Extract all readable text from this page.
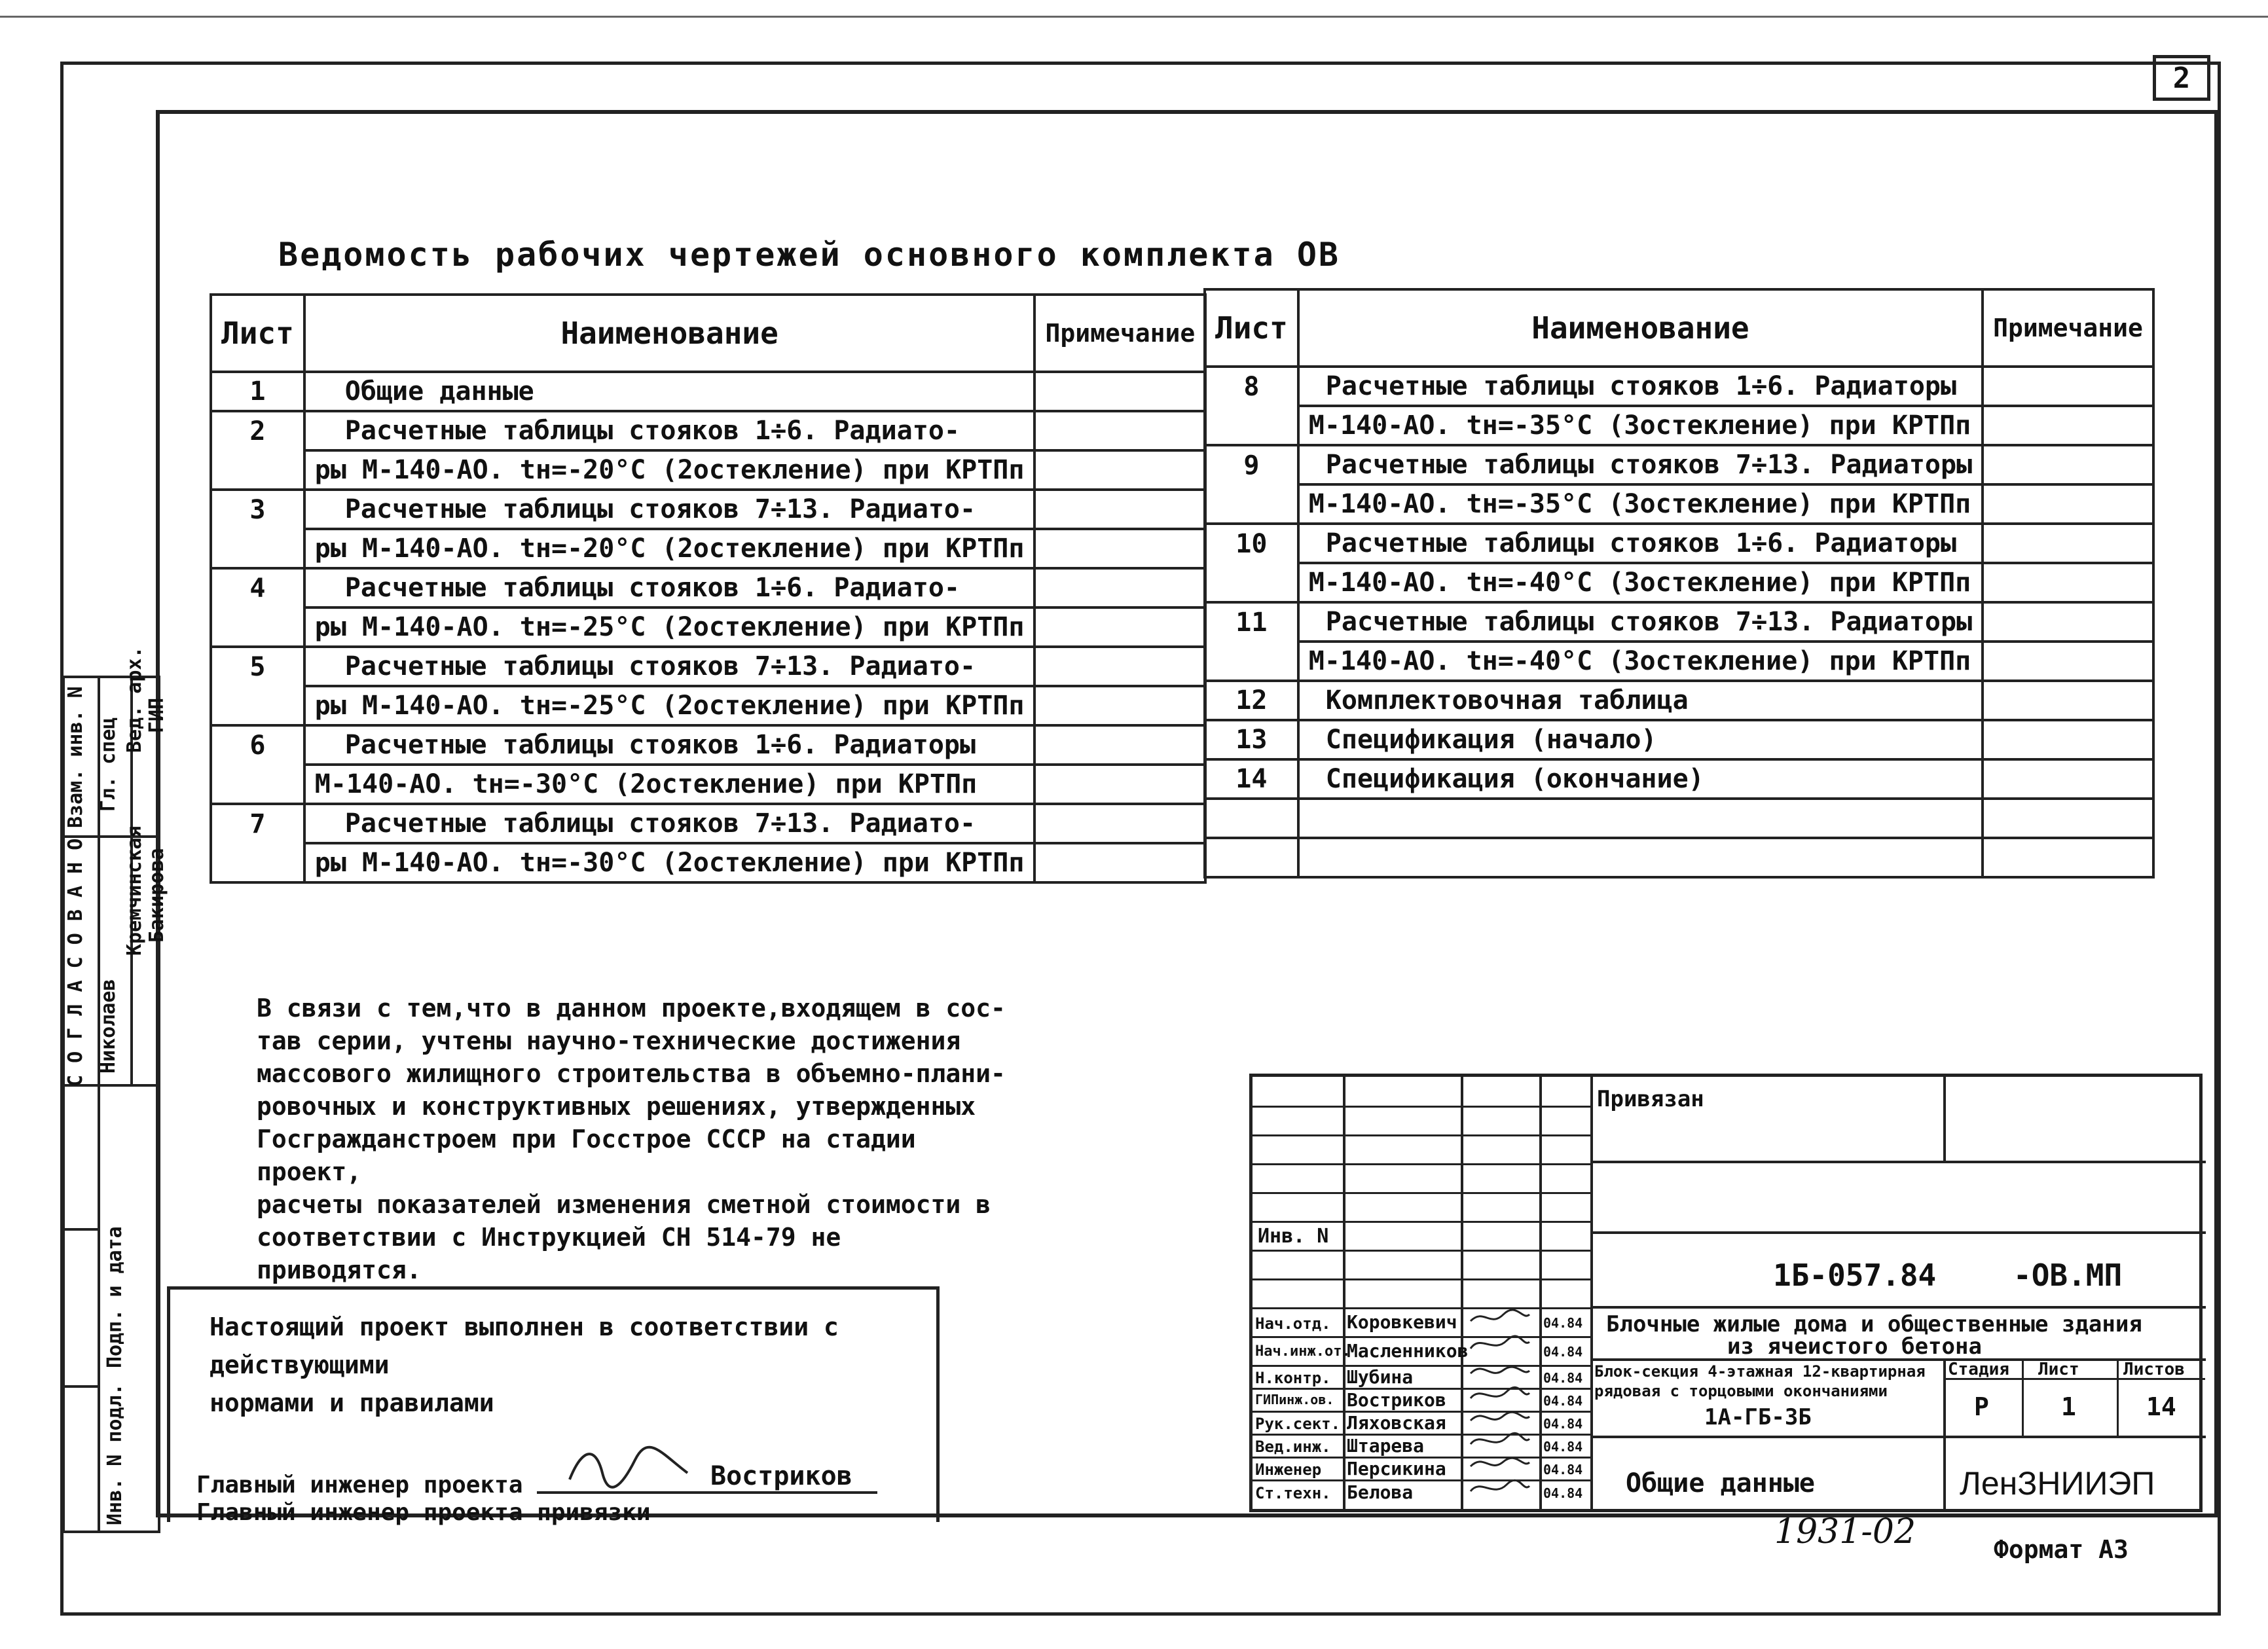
2
Ведомость рабочих чертежей основного комплекта ОВ
Лист	Наименование	Примечание
1	Общие данные	
2	Расчетные таблицы стояков 1÷6. Радиато-	
	ры М-140-АО. tн=-20°С (2остекление) при КРТПп	
3	Расчетные таблицы стояков 7÷13. Радиато-	
	ры М-140-АО. tн=-20°С (2остекление) при КРТПп	
4	Расчетные таблицы стояков 1÷6. Радиато-	
	ры М-140-АО. tн=-25°С (2остекление) при КРТПп	
5	Расчетные таблицы стояков 7÷13. Радиато-	
	ры М-140-АО. tн=-25°С (2остекление) при КРТПп	
6	Расчетные таблицы стояков 1÷6. Радиаторы	
	М-140-АО. tн=-30°С (2остекление) при КРТПп	
7	Расчетные таблицы стояков 7÷13. Радиато-	
	ры М-140-АО. tн=-30°С (2остекление) при КРТПп	
Лист	Наименование	Примечание
8	Расчетные таблицы стояков 1÷6. Радиаторы	
	М-140-АО. tн=-35°С (3остекление) при КРТПп	
9	Расчетные таблицы стояков 7÷13. Радиаторы	
	М-140-АО. tн=-35°С (3остекление) при КРТПп	
10	Расчетные таблицы стояков 1÷6. Радиаторы	
	М-140-АО. tн=-40°С (3остекление) при КРТПп	
11	Расчетные таблицы стояков 7÷13. Радиаторы	
	М-140-АО. tн=-40°С (3остекление) при КРТПп	
12	Комплектовочная таблица	
13	Спецификация (начало)	
14	Спецификация (окончание)	

В связи с тем,что в данном проекте,входящем в сос-
тав серии, учтены научно-технические достижения
массового жилищного строительства в объемно-плани-
ровочных и конструктивных решениях, утвержденных
Госгражданстроем при Госстрое СССР на стадии проект,
расчеты показателей изменения сметной стоимости в
соответствии с Инструкцией СН 514-79 не приводятся.
Настоящий проект выполнен в соответствии с действующими
нормами и правилами
Главный инженер проекта	Востриков
Главный инженер проекта привязки
С О Г Л А С О В А Н О
Взам. инв. N Гл. спец
Николаев
Вед. арх.
Кремчинская
ГИП
Бакирова
Подп. и дата
Инв. N подл.
Привязан
Инв. N
1Б-057.84	-ОВ.МП
Блочные жилые дома и общественные здания
из ячеистого бетона
Блок-секция 4-этажная 12-квартирная
рядовая с торцовыми окончаниями
1А-ГБ-3Б
Стадия Лист	Листов
Р	1	14
Общие данные	ЛенЗНИИЭП
Нач.отд. Коровкевич	04.84
Нач.инж.от.
Масленников	04.84
Н.контр. Шубина	04.84
ГИПинж.ов. Востриков	04.84
Рук.сект. Ляховская	04.84
Вед.инж. Штарева	04.84
Инженер Персикина	04.84
Ст.техн. Белова	04.84
1931-02	Формат А3
